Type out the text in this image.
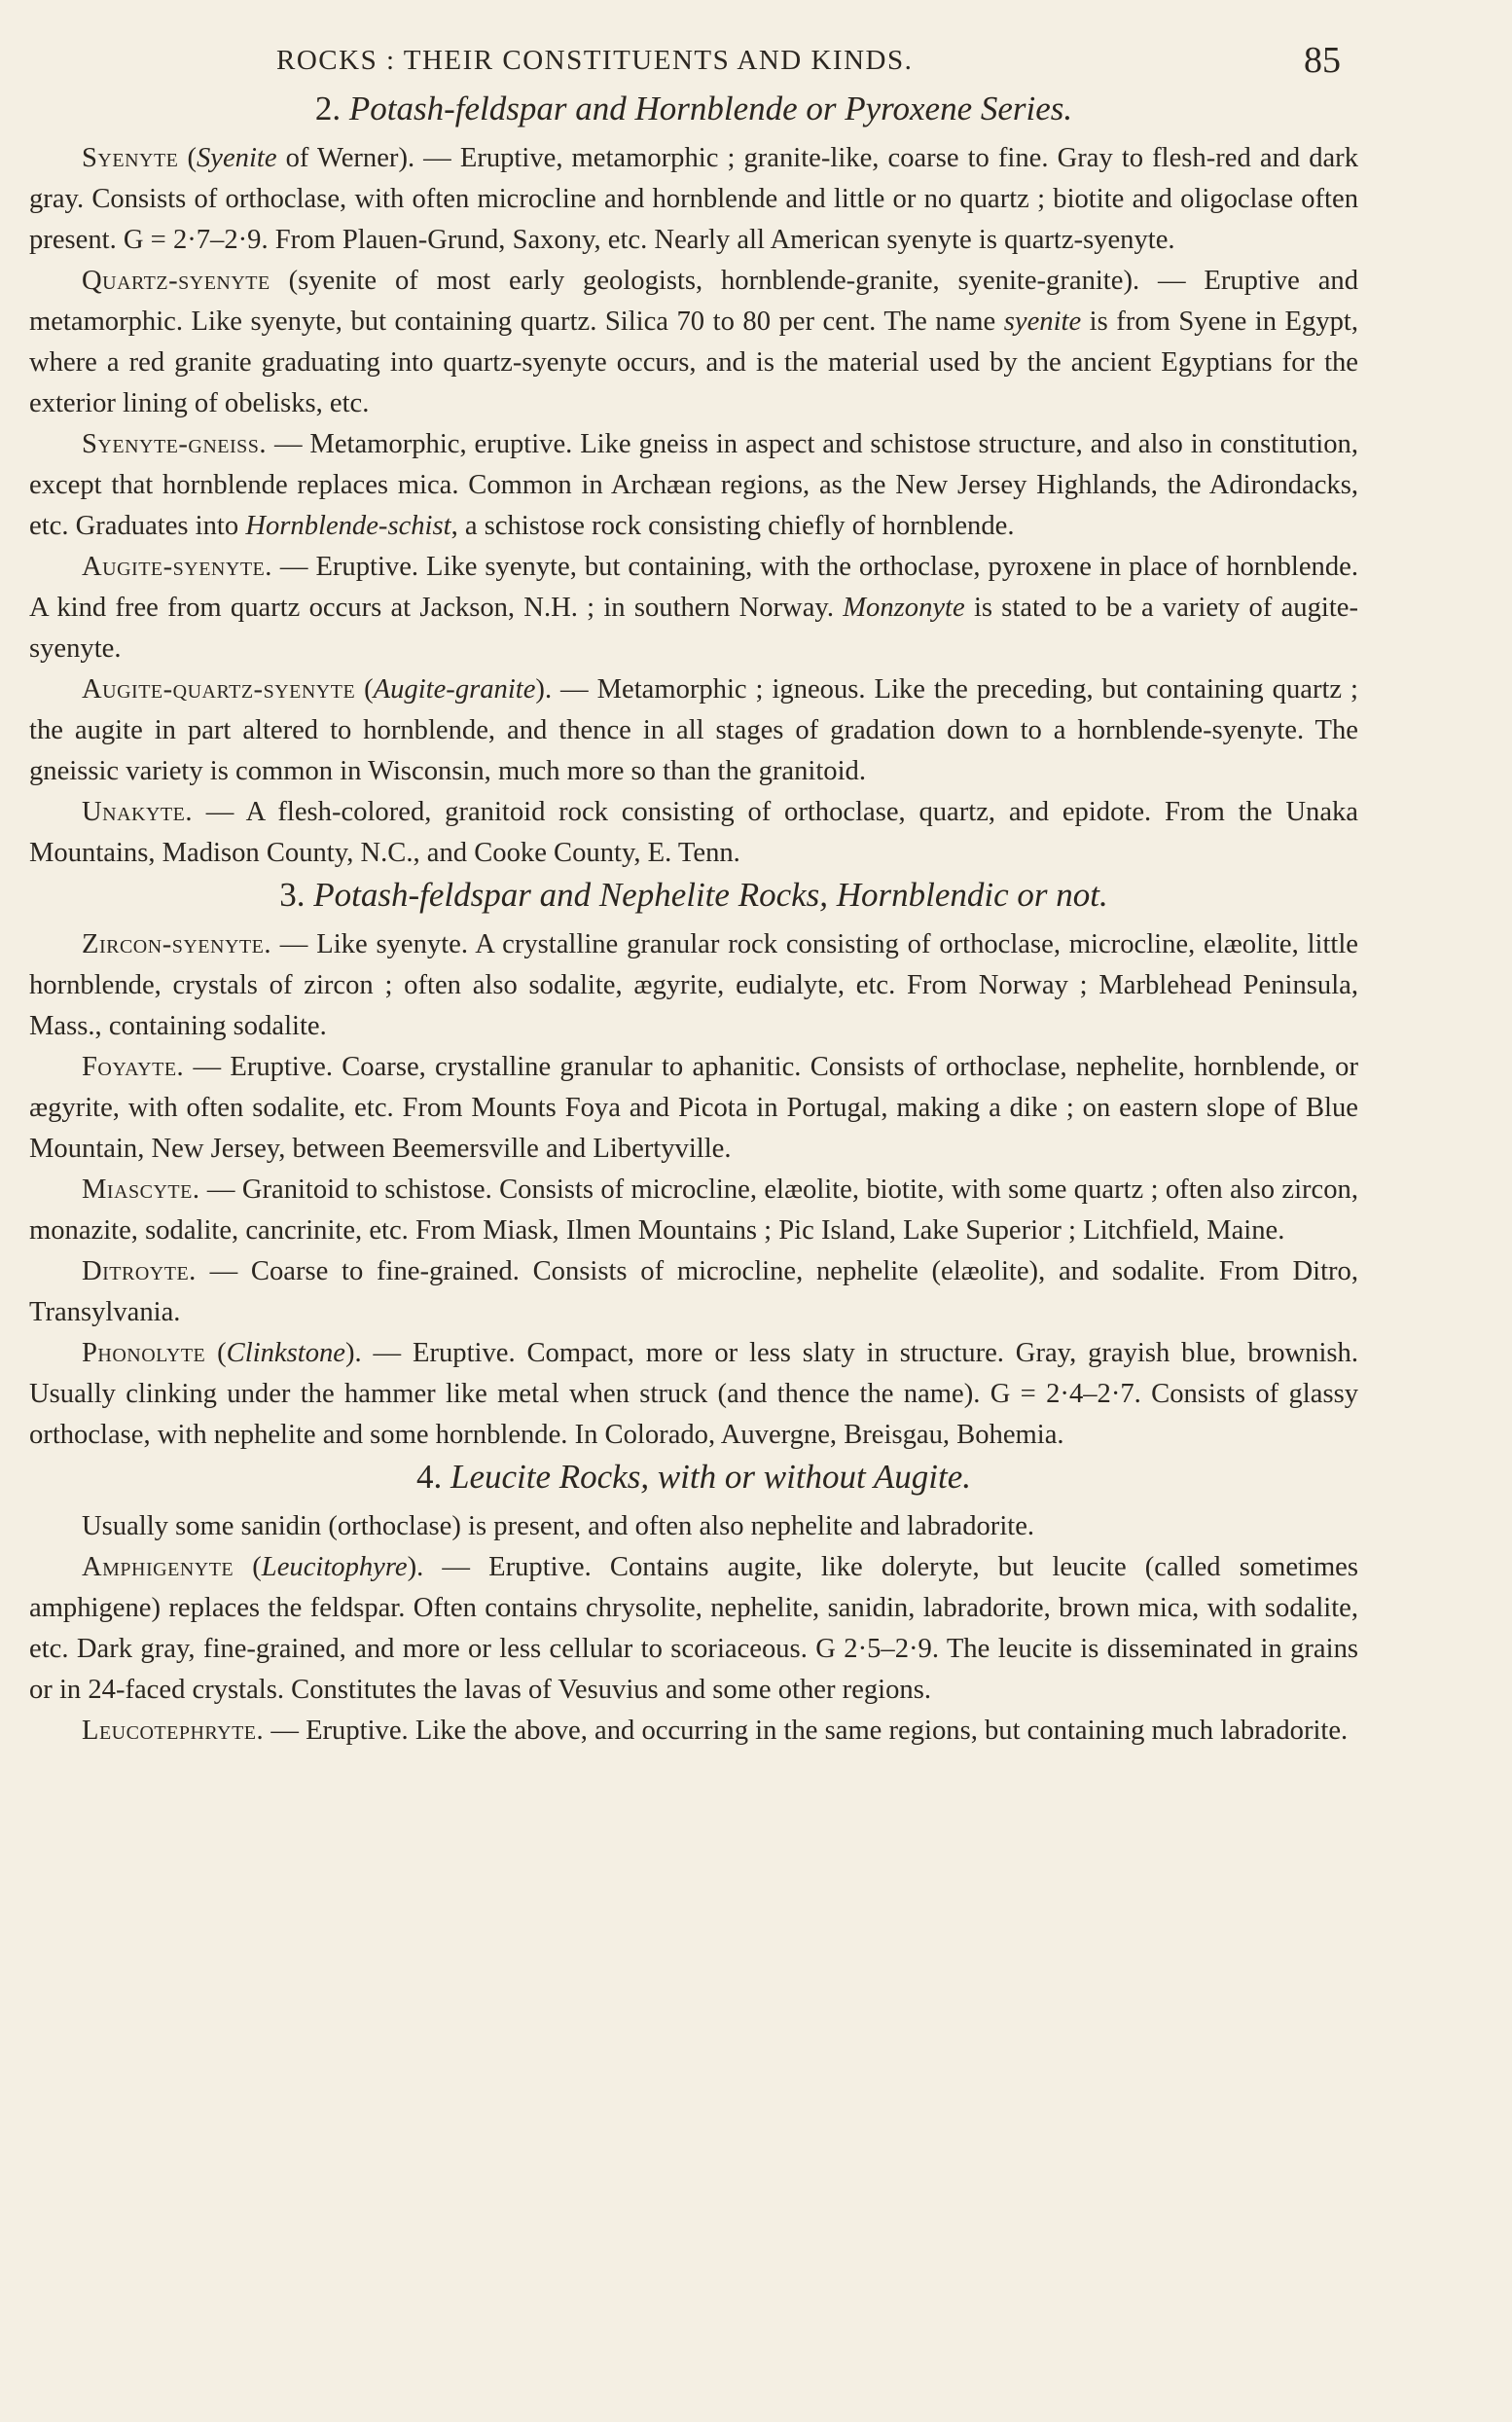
ROCKS : THEIR CONSTITUENTS AND KINDS.	85
2. Potash-feldspar and Hornblende or Pyroxene Series.

Syenyte (Syenite of Werner). — Eruptive, metamorphic ; granite-like, coarse to fine. Gray to flesh-red and dark gray. Consists of orthoclase, with often microcline and hornblende and little or no quartz ; biotite and oligoclase often present. G = 2·7–2·9. From Plauen-Grund, Saxony, etc. Nearly all American syenyte is quartz-syenyte.

Quartz-syenyte (syenite of most early geologists, hornblende-granite, syenite-granite). — Eruptive and metamorphic. Like syenyte, but containing quartz. Silica 70 to 80 per cent. The name syenite is from Syene in Egypt, where a red granite graduating into quartz-syenyte occurs, and is the material used by the ancient Egyptians for the exterior lining of obelisks, etc.

Syenyte-gneiss. — Metamorphic, eruptive. Like gneiss in aspect and schistose structure, and also in constitution, except that hornblende replaces mica. Common in Archæan regions, as the New Jersey Highlands, the Adirondacks, etc. Graduates into Hornblende-schist, a schistose rock consisting chiefly of hornblende.

Augite-syenyte. — Eruptive. Like syenyte, but containing, with the orthoclase, pyroxene in place of hornblende. A kind free from quartz occurs at Jackson, N.H. ; in southern Norway. Monzonyte is stated to be a variety of augite-syenyte.

Augite-quartz-syenyte (Augite-granite). — Metamorphic ; igneous. Like the preceding, but containing quartz ; the augite in part altered to hornblende, and thence in all stages of gradation down to a hornblende-syenyte. The gneissic variety is common in Wisconsin, much more so than the granitoid.

Unakyte. — A flesh-colored, granitoid rock consisting of orthoclase, quartz, and epidote. From the Unaka Mountains, Madison County, N.C., and Cooke County, E. Tenn.

3. Potash-feldspar and Nephelite Rocks, Hornblendic or not.

Zircon-syenyte. — Like syenyte. A crystalline granular rock consisting of orthoclase, microcline, elæolite, little hornblende, crystals of zircon ; often also sodalite, ægyrite, eudialyte, etc. From Norway ; Marblehead Peninsula, Mass., containing sodalite.

Foyayte. — Eruptive. Coarse, crystalline granular to aphanitic. Consists of orthoclase, nephelite, hornblende, or ægyrite, with often sodalite, etc. From Mounts Foya and Picota in Portugal, making a dike ; on eastern slope of Blue Mountain, New Jersey, between Beemersville and Libertyville.

Miascyte. — Granitoid to schistose. Consists of microcline, elæolite, biotite, with some quartz ; often also zircon, monazite, sodalite, cancrinite, etc. From Miask, Ilmen Mountains ; Pic Island, Lake Superior ; Litchfield, Maine.

Ditroyte. — Coarse to fine-grained. Consists of microcline, nephelite (elæolite), and sodalite. From Ditro, Transylvania.

Phonolyte (Clinkstone). — Eruptive. Compact, more or less slaty in structure. Gray, grayish blue, brownish. Usually clinking under the hammer like metal when struck (and thence the name). G = 2·4–2·7. Consists of glassy orthoclase, with nephelite and some hornblende. In Colorado, Auvergne, Breisgau, Bohemia.

4. Leucite Rocks, with or without Augite.

Usually some sanidin (orthoclase) is present, and often also nephelite and labradorite.

Amphigenyte (Leucitophyre). — Eruptive. Contains augite, like doleryte, but leucite (called sometimes amphigene) replaces the feldspar. Often contains chrysolite, nephelite, sanidin, labradorite, brown mica, with sodalite, etc. Dark gray, fine-grained, and more or less cellular to scoriaceous. G 2·5–2·9. The leucite is disseminated in grains or in 24-faced crystals. Constitutes the lavas of Vesuvius and some other regions.

Leucotephryte. — Eruptive. Like the above, and occurring in the same regions, but containing much labradorite.
